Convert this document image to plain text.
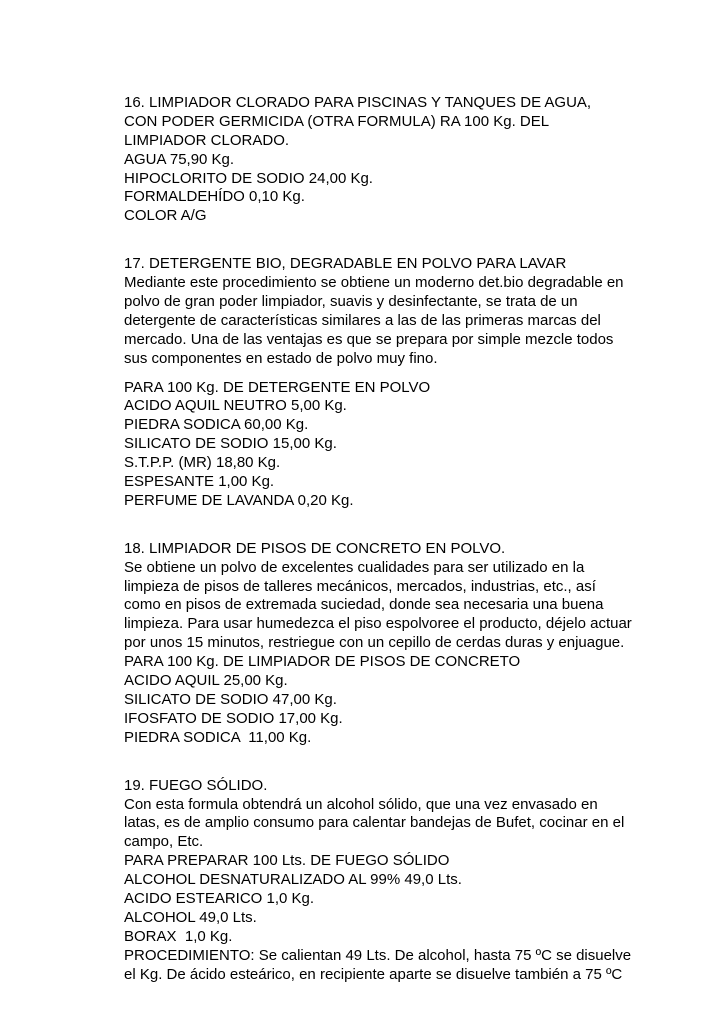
16. LIMPIADOR CLORADO PARA PISCINAS Y TANQUES DE AGUA,
CON PODER GERMICIDA (OTRA FORMULA) RA 100 Kg. DEL
LIMPIADOR CLORADO.
AGUA 75,90 Kg.
HIPOCLORITO DE SODIO 24,00 Kg.
FORMALDEHÍDO 0,10 Kg.
COLOR A/G
17. DETERGENTE BIO, DEGRADABLE EN POLVO PARA LAVAR
Mediante este procedimiento se obtiene un moderno det.bio degradable en
polvo de gran poder limpiador, suavis y desinfectante, se trata de un
detergente de características similares a las de las primeras marcas del
mercado. Una de las ventajas es que se prepara por simple mezcle todos
sus componentes en estado de polvo muy fino.
PARA 100 Kg. DE DETERGENTE EN POLVO
ACIDO AQUIL NEUTRO 5,00 Kg.
PIEDRA SODICA 60,00 Kg.
SILICATO DE SODIO 15,00 Kg.
S.T.P.P. (MR) 18,80 Kg.
ESPESANTE 1,00 Kg.
PERFUME DE LAVANDA 0,20 Kg.
18. LIMPIADOR DE PISOS DE CONCRETO EN POLVO.
Se obtiene un polvo de excelentes cualidades para ser utilizado en la
limpieza de pisos de talleres mecánicos, mercados, industrias, etc., así
como en pisos de extremada suciedad, donde sea necesaria una buena
limpieza. Para usar humedezca el piso espolvoree el producto, déjelo actuar
por unos 15 minutos, restriegue con un cepillo de cerdas duras y enjuague.
PARA 100 Kg. DE LIMPIADOR DE PISOS DE CONCRETO
ACIDO AQUIL 25,00 Kg.
SILICATO DE SODIO 47,00 Kg.
IFOSFATO DE SODIO 17,00 Kg.
PIEDRA SODICA  11,00 Kg.
19. FUEGO SÓLIDO.
Con esta formula obtendrá un alcohol sólido, que una vez envasado en
latas, es de amplio consumo para calentar bandejas de Bufet, cocinar en el
campo, Etc.
PARA PREPARAR 100 Lts. DE FUEGO SÓLIDO
ALCOHOL DESNATURALIZADO AL 99% 49,0 Lts.
ACIDO ESTEARICO 1,0 Kg.
ALCOHOL 49,0 Lts.
BORAX  1,0 Kg.
PROCEDIMIENTO: Se calientan 49 Lts. De alcohol, hasta 75 ºC se disuelve
el Kg. De ácido esteárico, en recipiente aparte se disuelve también a 75 ºC
